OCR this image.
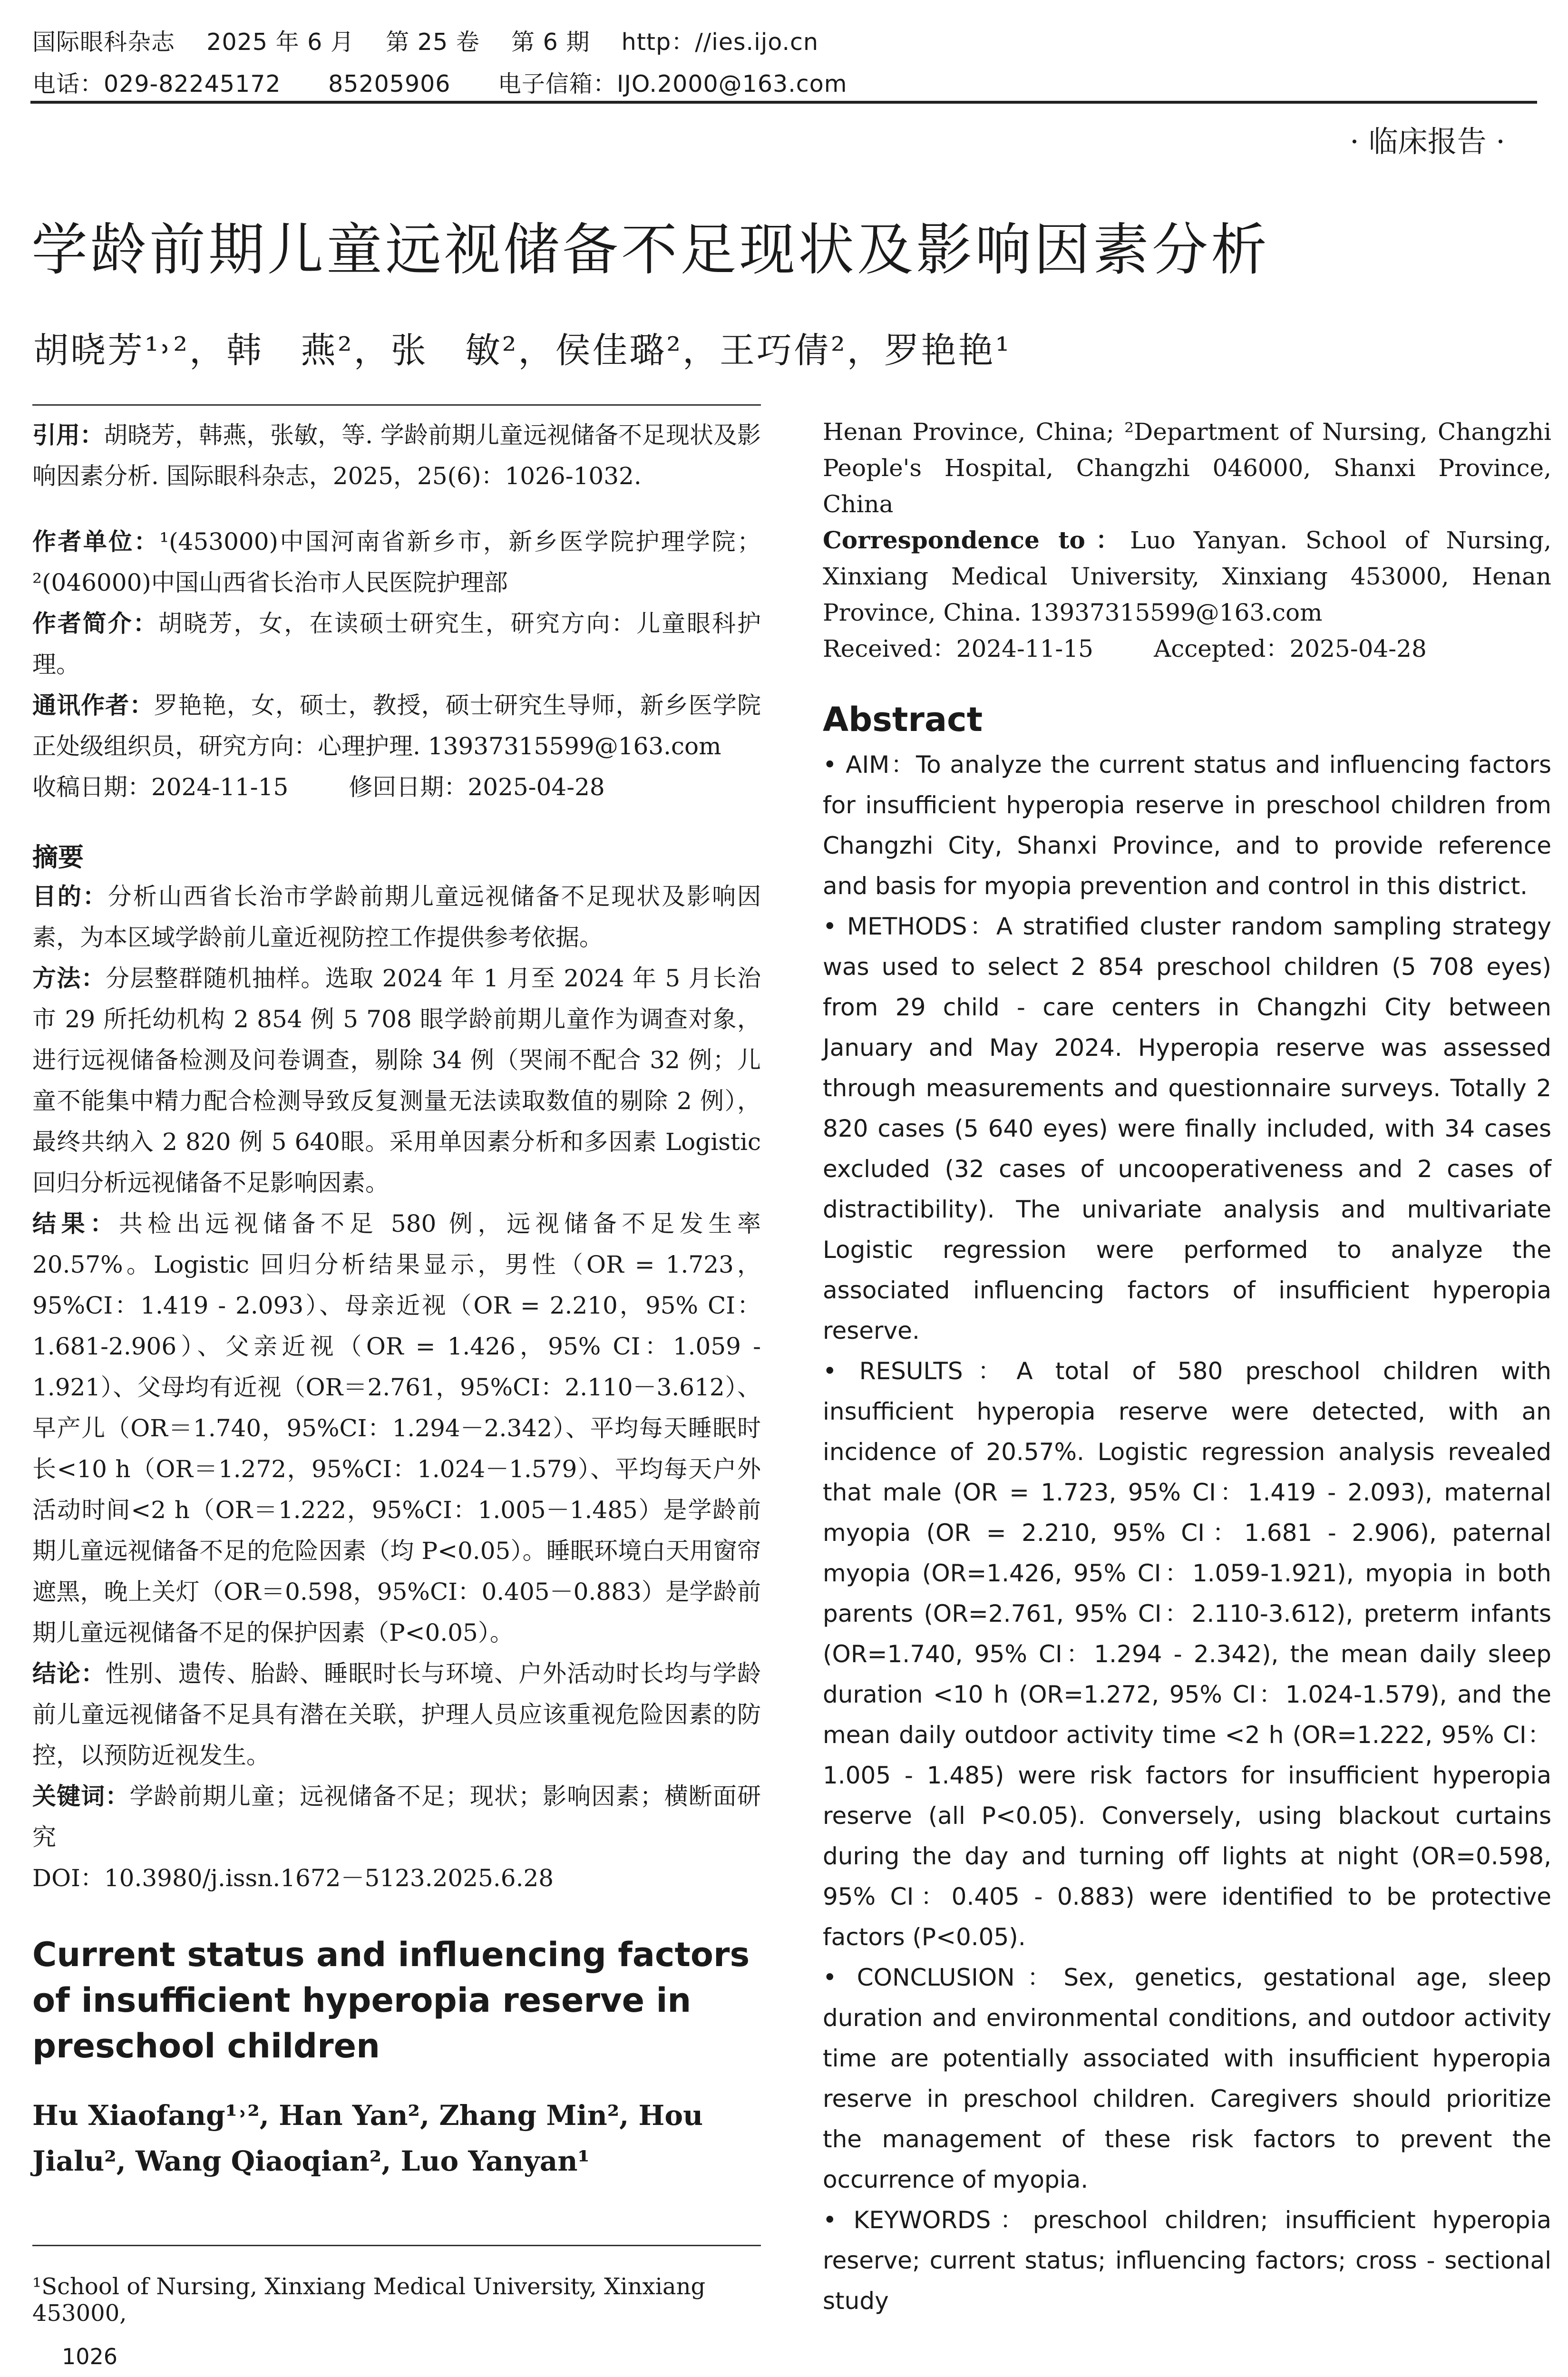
国际眼科杂志    2025 年 6 月    第 25 卷    第 6 期    http：//ies.ijo.cn
电话：029-82245172      85205906      电子信箱：IJO.2000@163.com
· 临床报告 ·
学龄前期儿童远视储备不足现状及影响因素分析
胡晓芳¹˒²，韩　燕²，张　敏²，侯佳璐²，王巧倩²，罗艳艳¹

引用：胡晓芳，韩燕，张敏，等. 学龄前期儿童远视储备不足现状及影响因素分析. 国际眼科杂志，2025，25(6)：1026-1032.

作者单位：¹(453000)中国河南省新乡市，新乡医学院护理学院；²(046000)中国山西省长治市人民医院护理部

作者简介：胡晓芳，女，在读硕士研究生，研究方向：儿童眼科护理。

通讯作者：罗艳艳，女，硕士，教授，硕士研究生导师，新乡医学院正处级组织员，研究方向：心理护理. 13937315599@163.com

收稿日期：2024-11-15        修回日期：2025-04-28

摘要

目的：分析山西省长治市学龄前期儿童远视储备不足现状及影响因素，为本区域学龄前儿童近视防控工作提供参考依据。

方法：分层整群随机抽样。选取 2024 年 1 月至 2024 年 5 月长治市 29 所托幼机构 2 854 例 5 708 眼学龄前期儿童作为调查对象，进行远视储备检测及问卷调查，剔除 34 例（哭闹不配合 32 例；儿童不能集中精力配合检测导致反复测量无法读取数值的剔除 2 例），最终共纳入 2 820 例 5 640眼。采用单因素分析和多因素 Logistic 回归分析远视储备不足影响因素。

结果：共检出远视储备不足 580 例，远视储备不足发生率 20.57%。Logistic 回归分析结果显示，男性（OR = 1.723，95%CI：1.419 - 2.093）、母亲近视（OR = 2.210，95% CI：1.681-2.906）、父亲近视（OR = 1.426，95% CI：1.059 - 1.921）、父母均有近视（OR＝2.761，95%CI：2.110－3.612）、早产儿（OR＝1.740，95%CI：1.294－2.342）、平均每天睡眠时长<10 h（OR＝1.272，95%CI：1.024－1.579）、平均每天户外活动时间<2 h（OR＝1.222，95%CI：1.005－1.485）是学龄前期儿童远视储备不足的危险因素（均 P<0.05）。睡眠环境白天用窗帘遮黑，晚上关灯（OR＝0.598，95%CI：0.405－0.883）是学龄前期儿童远视储备不足的保护因素（P<0.05）。

结论：性别、遗传、胎龄、睡眠时长与环境、户外活动时长均与学龄前儿童远视储备不足具有潜在关联，护理人员应该重视危险因素的防控，以预防近视发生。

关键词：学龄前期儿童；远视储备不足；现状；影响因素；横断面研究

DOI：10.3980/j.issn.1672－5123.2025.6.28

Current status and influencing factors of insufficient hyperopia reserve in preschool children

Hu Xiaofang¹˒², Han Yan², Zhang Min², Hou Jialu², Wang Qiaoqian², Luo Yanyan¹

¹School of Nursing, Xinxiang Medical University, Xinxiang 453000,
1026

Henan Province, China; ²Department of Nursing, Changzhi People's Hospital, Changzhi 046000, Shanxi Province, China

Correspondence to：Luo Yanyan. School of Nursing, Xinxiang Medical University, Xinxiang 453000, Henan Province, China. 13937315599@163.com

Received：2024-11-15        Accepted：2025-04-28

Abstract

• AIM：To analyze the current status and influencing factors for insufficient hyperopia reserve in preschool children from Changzhi City, Shanxi Province, and to provide reference and basis for myopia prevention and control in this district.

• METHODS：A stratified cluster random sampling strategy was used to select 2 854 preschool children (5 708 eyes) from 29 child - care centers in Changzhi City between January and May 2024. Hyperopia reserve was assessed through measurements and questionnaire surveys. Totally 2 820 cases (5 640 eyes) were finally included, with 34 cases excluded (32 cases of uncooperativeness and 2 cases of distractibility). The univariate analysis and multivariate Logistic regression were performed to analyze the associated influencing factors of insufficient hyperopia reserve.

• RESULTS：A total of 580 preschool children with insufficient hyperopia reserve were detected, with an incidence of 20.57%. Logistic regression analysis revealed that male (OR = 1.723, 95% CI：1.419 - 2.093), maternal myopia (OR = 2.210, 95% CI：1.681 - 2.906), paternal myopia (OR=1.426, 95% CI：1.059-1.921), myopia in both parents (OR=2.761, 95% CI：2.110-3.612), preterm infants (OR=1.740, 95% CI：1.294 - 2.342), the mean daily sleep duration <10 h (OR=1.272, 95% CI：1.024-1.579), and the mean daily outdoor activity time <2 h (OR=1.222, 95% CI：1.005 - 1.485) were risk factors for insufficient hyperopia reserve (all P<0.05). Conversely, using blackout curtains during the day and turning off lights at night (OR=0.598, 95% CI：0.405 - 0.883) were identified to be protective factors (P<0.05).

• CONCLUSION：Sex, genetics, gestational age, sleep duration and environmental conditions, and outdoor activity time are potentially associated with insufficient hyperopia reserve in preschool children. Caregivers should prioritize the management of these risk factors to prevent the occurrence of myopia.

• KEYWORDS：preschool children; insufficient hyperopia reserve; current status; influencing factors; cross - sectional study
